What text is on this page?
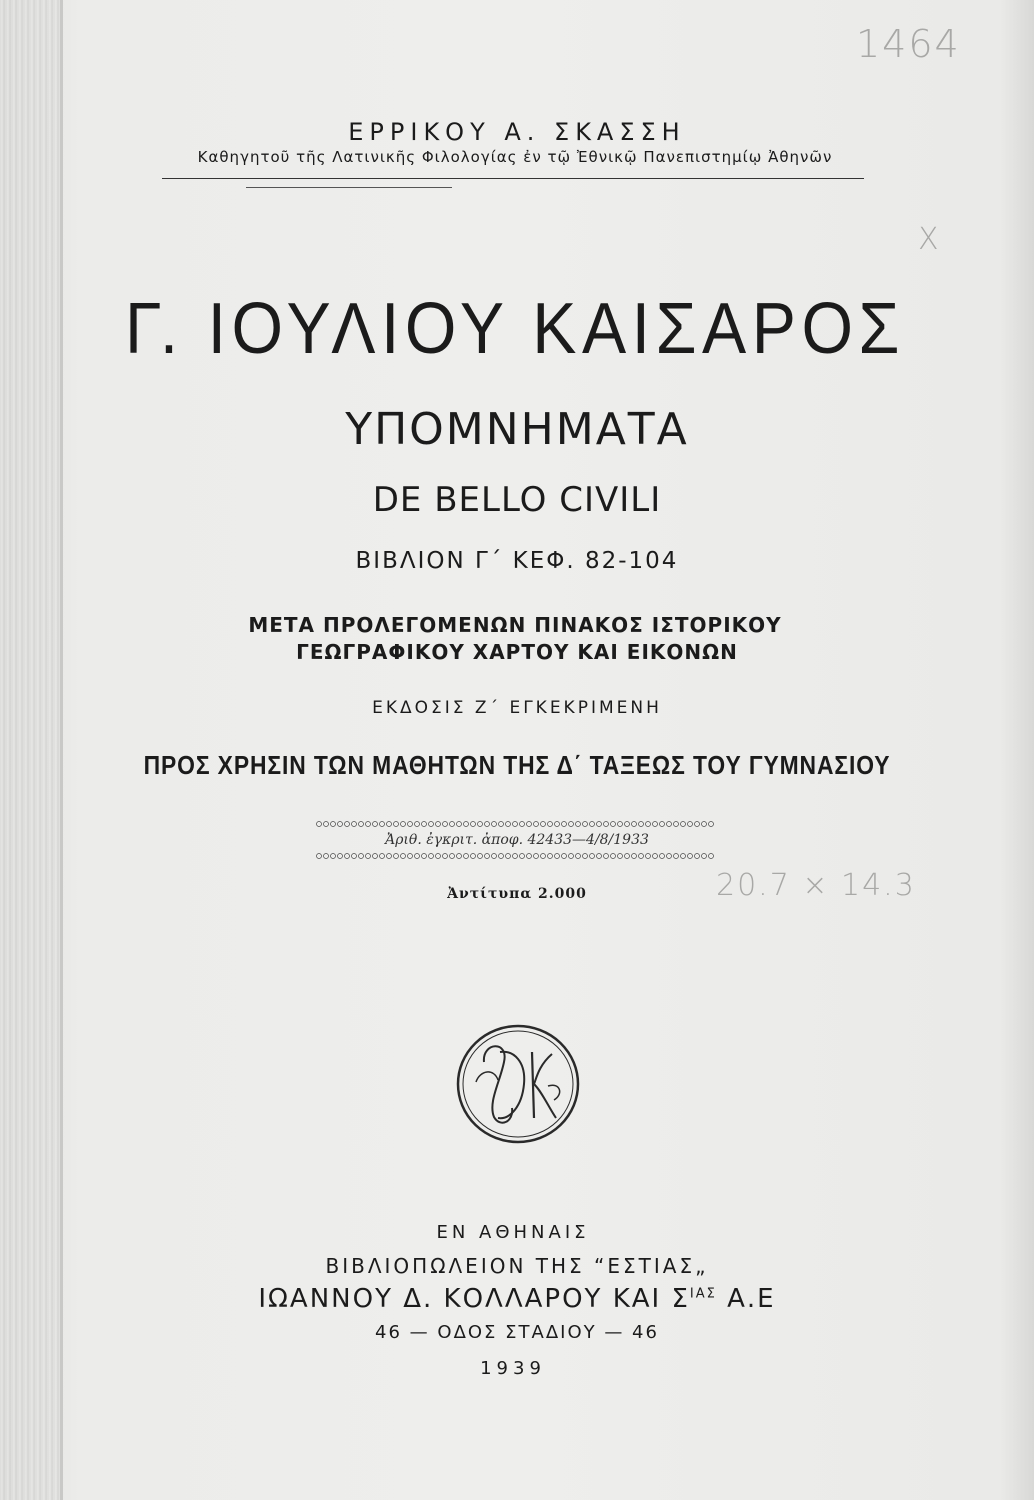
1464
X
20.7 × 14.3
ΕΡΡΙΚΟΥ Α. ΣΚΑΣΣΗ
Καθηγητοῦ τῆς Λατινικῆς Φιλολογίας ἐν τῷ Ἐθνικῷ Πανεπιστημίῳ Ἀθηνῶν
Γ. ΙΟΥΛΙΟΥ ΚΑΙΣΑΡΟΣ
ΥΠΟΜΝΗΜΑΤΑ
DE BELLO CIVILI
ΒΙΒΛΙΟΝ Γ΄ ΚΕΦ. 82-104
ΜΕΤΑ ΠΡΟΛΕΓΟΜΕΝΩΝ ΠΙΝΑΚΟΣ ΙΣΤΟΡΙΚΟΥ
ΓΕΩΓΡΑΦΙΚΟΥ ΧΑΡΤΟΥ ΚΑΙ ΕΙΚΟΝΩΝ
ΕΚΔΟΣΙΣ Ζ΄ ΕΓΚΕΚΡΙΜΕΝΗ
ΠΡΟΣ ΧΡΗΣΙΝ ΤΩΝ ΜΑΘΗΤΩΝ ΤΗΣ Δ΄ ΤΑΞΕΩΣ ΤΟΥ ΓΥΜΝΑΣΙΟΥ
Ἀριθ. ἐγκριτ. ἀποφ. 42433—4/8/1933
Ἀντίτυπα 2.000
ΕΝ ΑΘΗΝΑΙΣ
ΒΙΒΛΙΟΠΩΛΕΙΟΝ ΤΗΣ “ΕΣΤΙΑΣ„
ΙΩΑΝΝΟΥ Δ. ΚΟΛΛΑΡΟΥ ΚΑΙ $\Sigma^{IA\Sigma}$ Α.Ε
46 — ΟΔΟΣ ΣΤΑΔΙΟΥ — 46
1939
